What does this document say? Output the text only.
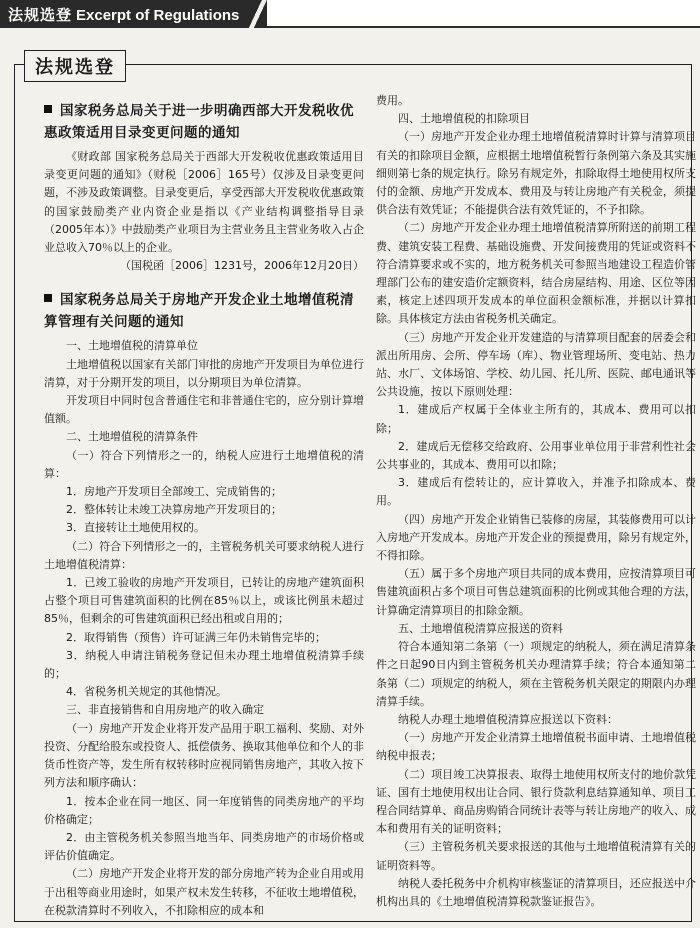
法规选登 Excerpt of Regulations
法规选登
国家税务总局关于进一步明确西部大开发税收优惠政策适用目录变更问题的通知

《财政部 国家税务总局关于西部大开发税收优惠政策适用目录变更问题的通知》（财税［2006］165号）仅涉及目录变更问题，不涉及政策调整。目录变更后，享受西部大开发税收优惠政策的国家鼓励类产业内资企业是指以《产业结构调整指导目录（2005年本）》中鼓励类产业项目为主营业务且主营业务收入占企业总收入70％以上的企业。

（国税函［2006］1231号，2006年12月20日）

国家税务总局关于房地产开发企业土地增值税清算管理有关问题的通知

一、土地增值税的清算单位

土地增值税以国家有关部门审批的房地产开发项目为单位进行清算，对于分期开发的项目，以分期项目为单位清算。

开发项目中同时包含普通住宅和非普通住宅的，应分别计算增值额。

二、土地增值税的清算条件

（一）符合下列情形之一的，纳税人应进行土地增值税的清算：

1．房地产开发项目全部竣工、完成销售的；

2．整体转让未竣工决算房地产开发项目的；

3．直接转让土地使用权的。

（二）符合下列情形之一的，主管税务机关可要求纳税人进行土地增值税清算：

1．已竣工验收的房地产开发项目，已转让的房地产建筑面积占整个项目可售建筑面积的比例在85％以上，或该比例虽未超过85％，但剩余的可售建筑面积已经出租或自用的；

2．取得销售（预售）许可证满三年仍未销售完毕的；

3．纳税人申请注销税务登记但未办理土地增值税清算手续的；

4．省税务机关规定的其他情况。

三、非直接销售和自用房地产的收入确定

（一）房地产开发企业将开发产品用于职工福利、奖励、对外投资、分配给股东或投资人、抵偿债务、换取其他单位和个人的非货币性资产等，发生所有权转移时应视同销售房地产，其收入按下列方法和顺序确认：

1．按本企业在同一地区、同一年度销售的同类房地产的平均价格确定；

2．由主管税务机关参照当地当年、同类房地产的市场价格或评估价值确定。

（二）房地产开发企业将开发的部分房地产转为企业自用或用于出租等商业用途时，如果产权未发生转移，不征收土地增值税，在税款清算时不列收入，不扣除相应的成本和

费用。

四、土地增值税的扣除项目

（一）房地产开发企业办理土地增值税清算时计算与清算项目有关的扣除项目金额，应根据土地增值税暂行条例第六条及其实施细则第七条的规定执行。除另有规定外，扣除取得土地使用权所支付的金额、房地产开发成本、费用及与转让房地产有关税金，须提供合法有效凭证；不能提供合法有效凭证的，不予扣除。

（二）房地产开发企业办理土地增值税清算所附送的前期工程费、建筑安装工程费、基础设施费、开发间接费用的凭证或资料不符合清算要求或不实的，地方税务机关可参照当地建设工程造价管理部门公布的建安造价定额资料，结合房屋结构、用途、区位等因素，核定上述四项开发成本的单位面积金额标准，并据以计算扣除。具体核定方法由省税务机关确定。

（三）房地产开发企业开发建造的与清算项目配套的居委会和派出所用房、会所、停车场（库）、物业管理场所、变电站、热力站、水厂、文体场馆、学校、幼儿园、托儿所、医院、邮电通讯等公共设施，按以下原则处理：

1．建成后产权属于全体业主所有的，其成本、费用可以扣除；

2．建成后无偿移交给政府、公用事业单位用于非营利性社会公共事业的，其成本、费用可以扣除；

3．建成后有偿转让的，应计算收入，并准予扣除成本、费用。

（四）房地产开发企业销售已装修的房屋，其装修费用可以计入房地产开发成本。房地产开发企业的预提费用，除另有规定外，不得扣除。

（五）属于多个房地产项目共同的成本费用，应按清算项目可售建筑面积占多个项目可售总建筑面积的比例或其他合理的方法，计算确定清算项目的扣除金额。

五、土地增值税清算应报送的资料

符合本通知第二条第（一）项规定的纳税人，须在满足清算条件之日起90日内到主管税务机关办理清算手续；符合本通知第二条第（二）项规定的纳税人，须在主管税务机关限定的期限内办理清算手续。

纳税人办理土地增值税清算应报送以下资料：

（一）房地产开发企业清算土地增值税书面申请、土地增值税纳税申报表；

（二）项目竣工决算报表、取得土地使用权所支付的地价款凭证、国有土地使用权出让合同、银行贷款利息结算通知单、项目工程合同结算单、商品房购销合同统计表等与转让房地产的收入、成本和费用有关的证明资料；

（三）主管税务机关要求报送的其他与土地增值税清算有关的证明资料等。

纳税人委托税务中介机构审核鉴证的清算项目，还应报送中介机构出具的《土地增值税清算税款鉴证报告》。
